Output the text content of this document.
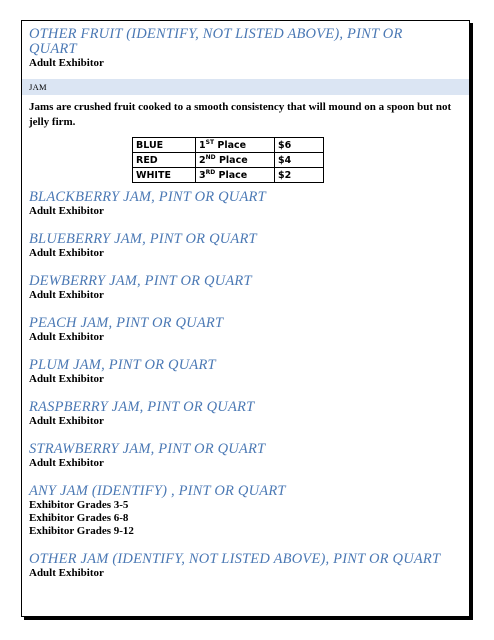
OTHER FRUIT (IDENTIFY, NOT LISTED ABOVE), PINT OR QUART

Adult Exhibitor

JAM
Jams are crushed fruit cooked to a smooth consistency that will mound on a spoon but not jelly firm.
BLUE	1ST Place	$6
RED	2ND Place	$4
WHITE	3RD Place	$2

BLACKBERRY JAM, PINT OR QUART

Adult Exhibitor

BLUEBERRY JAM, PINT OR QUART

Adult Exhibitor

DEWBERRY JAM, PINT OR QUART

Adult Exhibitor

PEACH JAM, PINT OR QUART

Adult Exhibitor

PLUM JAM, PINT OR QUART

Adult Exhibitor

RASPBERRY JAM, PINT OR QUART

Adult Exhibitor

STRAWBERRY JAM, PINT OR QUART

Adult Exhibitor

ANY JAM (IDENTIFY) , PINT OR QUART

Exhibitor Grades 3-5

Exhibitor Grades 6-8

Exhibitor Grades 9-12

OTHER JAM (IDENTIFY, NOT LISTED ABOVE), PINT OR QUART

Adult Exhibitor
